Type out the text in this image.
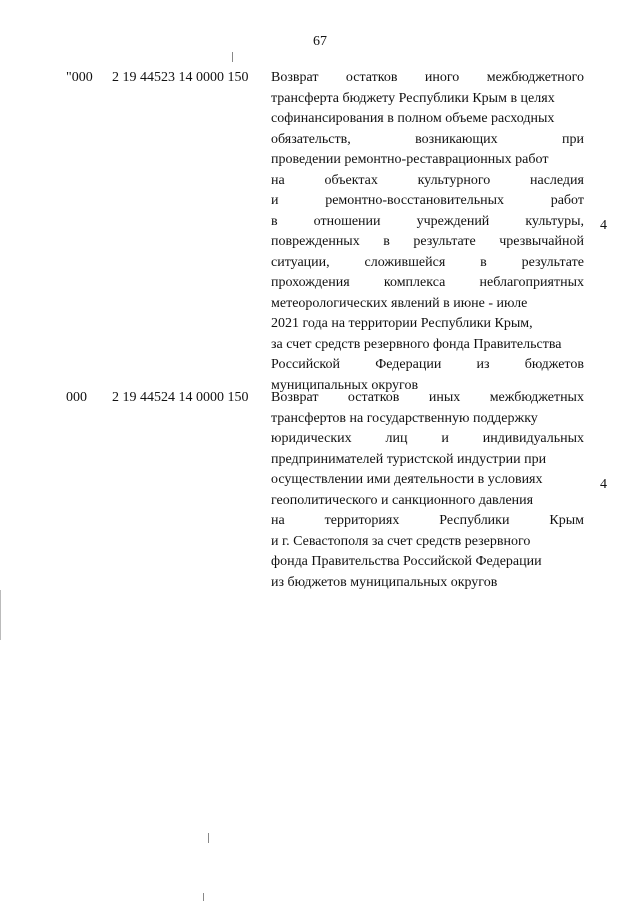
67
"000 2 19 44523 14 0000 150 Возврат остатков иного межбюджетного
трансферта бюджету Республики Крым в целях
софинансирования в полном объеме расходных
обязательств,	возникающих	при
проведении ремонтно-реставрационных работ
на	объектах	культурного	наследия
и	ремонтно-восстановительных	работ
в	отношении	учреждений	культуры,
поврежденных в результате чрезвычайной
ситуации, сложившейся в результате
прохождения комплекса неблагоприятных
метеорологических явлений в июне - июле
2021 года на территории Республики Крым,
за счет средств резервного фонда Правительства
Российской	Федерации	из	бюджетов
муниципальных округов
4
000 2 19 44524 14 0000 150 Возврат остатков иных межбюджетных
трансфертов на государственную поддержку
юридических лиц и индивидуальных
предпринимателей туристской индустрии при
осуществлении ими деятельности в условиях
геополитического и санкционного давления
на	территориях	Республики	Крым
и г. Севастополя за счет средств резервного
фонда Правительства Российской Федерации
из бюджетов муниципальных округов
4
